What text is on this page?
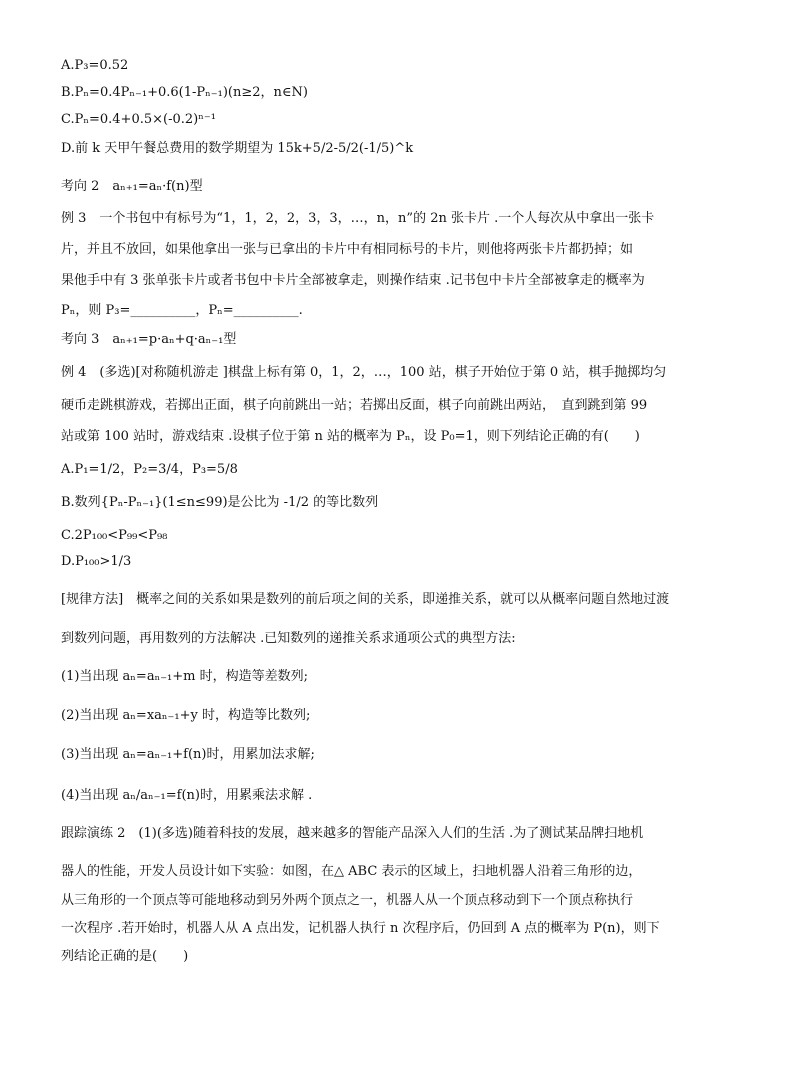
A.P₃=0.52
B.Pₙ=0.4Pₙ₋₁+0.6(1-Pₙ₋₁)(n≥2，n∈N)
C.Pₙ=0.4+0.5×(-0.2)ⁿ⁻¹
D.前 k 天甲午餐总费用的数学期望为 15k+5/2-5/2(-1/5)^k
考向 2　aₙ₊₁=aₙ·f(n)型
例 3　一个书包中有标号为“1，1，2，2，3，3，…，n，n”的 2n 张卡片 .一个人每次从中拿出一张卡
片，并且不放回，如果他拿出一张与已拿出的卡片中有相同标号的卡片，则他将两张卡片都扔掉；如
果他手中有 3 张单张卡片或者书包中卡片全部被拿走，则操作结束 .记书包中卡片全部被拿走的概率为
Pₙ，则 P₃=__________，Pₙ=__________.
考向 3　aₙ₊₁=p·aₙ+q·aₙ₋₁型
例 4　(多选)[对称随机游走 ]棋盘上标有第 0，1，2，…，100 站，棋子开始位于第 0 站，棋手抛掷均匀
硬币走跳棋游戏，若掷出正面，棋子向前跳出一站；若掷出反面，棋子向前跳出两站，　直到跳到第 99
站或第 100 站时，游戏结束 .设棋子位于第 n 站的概率为 Pₙ，设 P₀=1，则下列结论正确的有(　　)
A.P₁=1/2，P₂=3/4，P₃=5/8
B.数列{Pₙ-Pₙ₋₁}(1≤n≤99)是公比为 -1/2 的等比数列
C.2P₁₀₀<P₉₉<P₉₈
D.P₁₀₀>1/3
[规律方法]　概率之间的关系如果是数列的前后项之间的关系，即递推关系，就可以从概率问题自然地过渡
到数列问题，再用数列的方法解决 .已知数列的递推关系求通项公式的典型方法:
(1)当出现 aₙ=aₙ₋₁+m 时，构造等差数列;
(2)当出现 aₙ=xaₙ₋₁+y 时，构造等比数列;
(3)当出现 aₙ=aₙ₋₁+f(n)时，用累加法求解;
(4)当出现 aₙ/aₙ₋₁=f(n)时，用累乘法求解 .
跟踪演练 2　(1)(多选)随着科技的发展，越来越多的智能产品深入人们的生活 .为了测试某品牌扫地机
器人的性能，开发人员设计如下实验：如图，在△ ABC 表示的区域上，扫地机器人沿着三角形的边，
从三角形的一个顶点等可能地移动到另外两个顶点之一，机器人从一个顶点移动到下一个顶点称执行
一次程序 .若开始时，机器人从 A 点出发，记机器人执行 n 次程序后，仍回到 A 点的概率为 P(n)，则下
列结论正确的是(　　)
